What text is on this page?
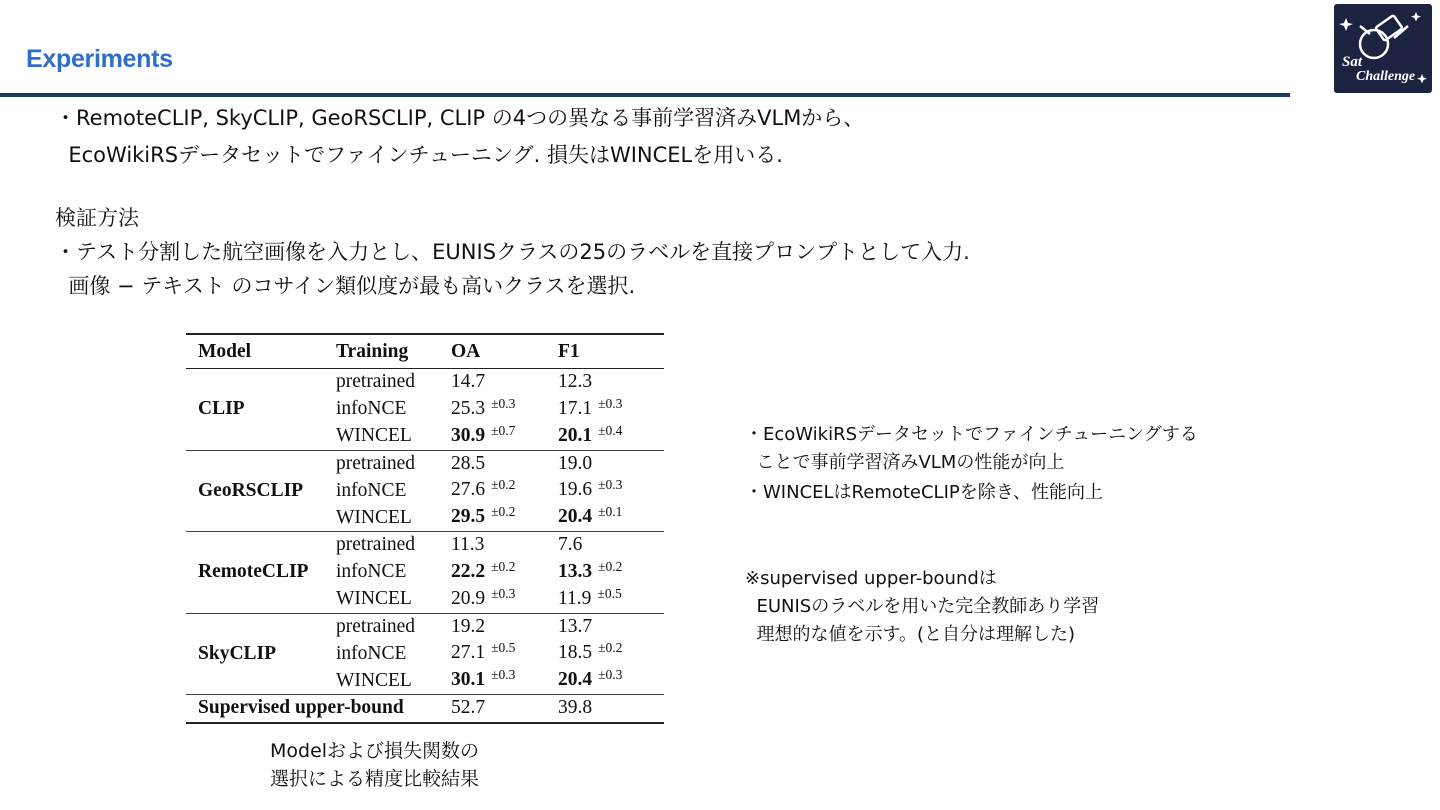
Experiments	Sat
Challenge
・RemoteCLIP, SkyCLIP, GeoRSCLIP, CLIP の4つの異なる事前学習済みVLMから、
EcoWikiRSデータセットでファインチューニング. 損失はWINCELを用いる.
検証方法
・テスト分割した航空画像を入力とし、EUNISクラスの25のラベルを直接プロンプトとして入力.
画像 − テキスト のコサイン類似度が最も高いクラスを選択.
Model	Training	OA	F1
CLIP	pretrained	14.7	12.3
	infoNCE	25.3 $^{\pm 0.3}$	17.1 $^{\pm 0.3}$
	WINCEL	30.9 $^{\pm 0.7}$	20.1 $^{\pm 0.4}$
GeoRSCLIP	pretrained	28.5	19.0
	infoNCE	27.6 $^{\pm 0.2}$	19.6 $^{\pm 0.3}$
	WINCEL	29.5 $^{\pm 0.2}$	20.4 $^{\pm 0.1}$
RemoteCLIP	pretrained	11.3	7.6
	infoNCE	22.2 $^{\pm 0.2}$	13.3 $^{\pm 0.2}$
	WINCEL	20.9 $^{\pm 0.3}$	11.9 $^{\pm 0.5}$
SkyCLIP	pretrained	19.2	13.7
	infoNCE	27.1 $^{\pm 0.5}$	18.5 $^{\pm 0.2}$
	WINCEL	30.1 $^{\pm 0.3}$	20.4 $^{\pm 0.3}$
Supervised upper-bound		52.7	39.8
・EcoWikiRSデータセットでファインチューニングする
ことで事前学習済みVLMの性能が向上
・WINCELはRemoteCLIPを除き、性能向上
※supervised upper-boundは
EUNISのラベルを用いた完全教師あり学習
理想的な値を示す。(と自分は理解した)
Modelおよび損失関数の
選択による精度比較結果
